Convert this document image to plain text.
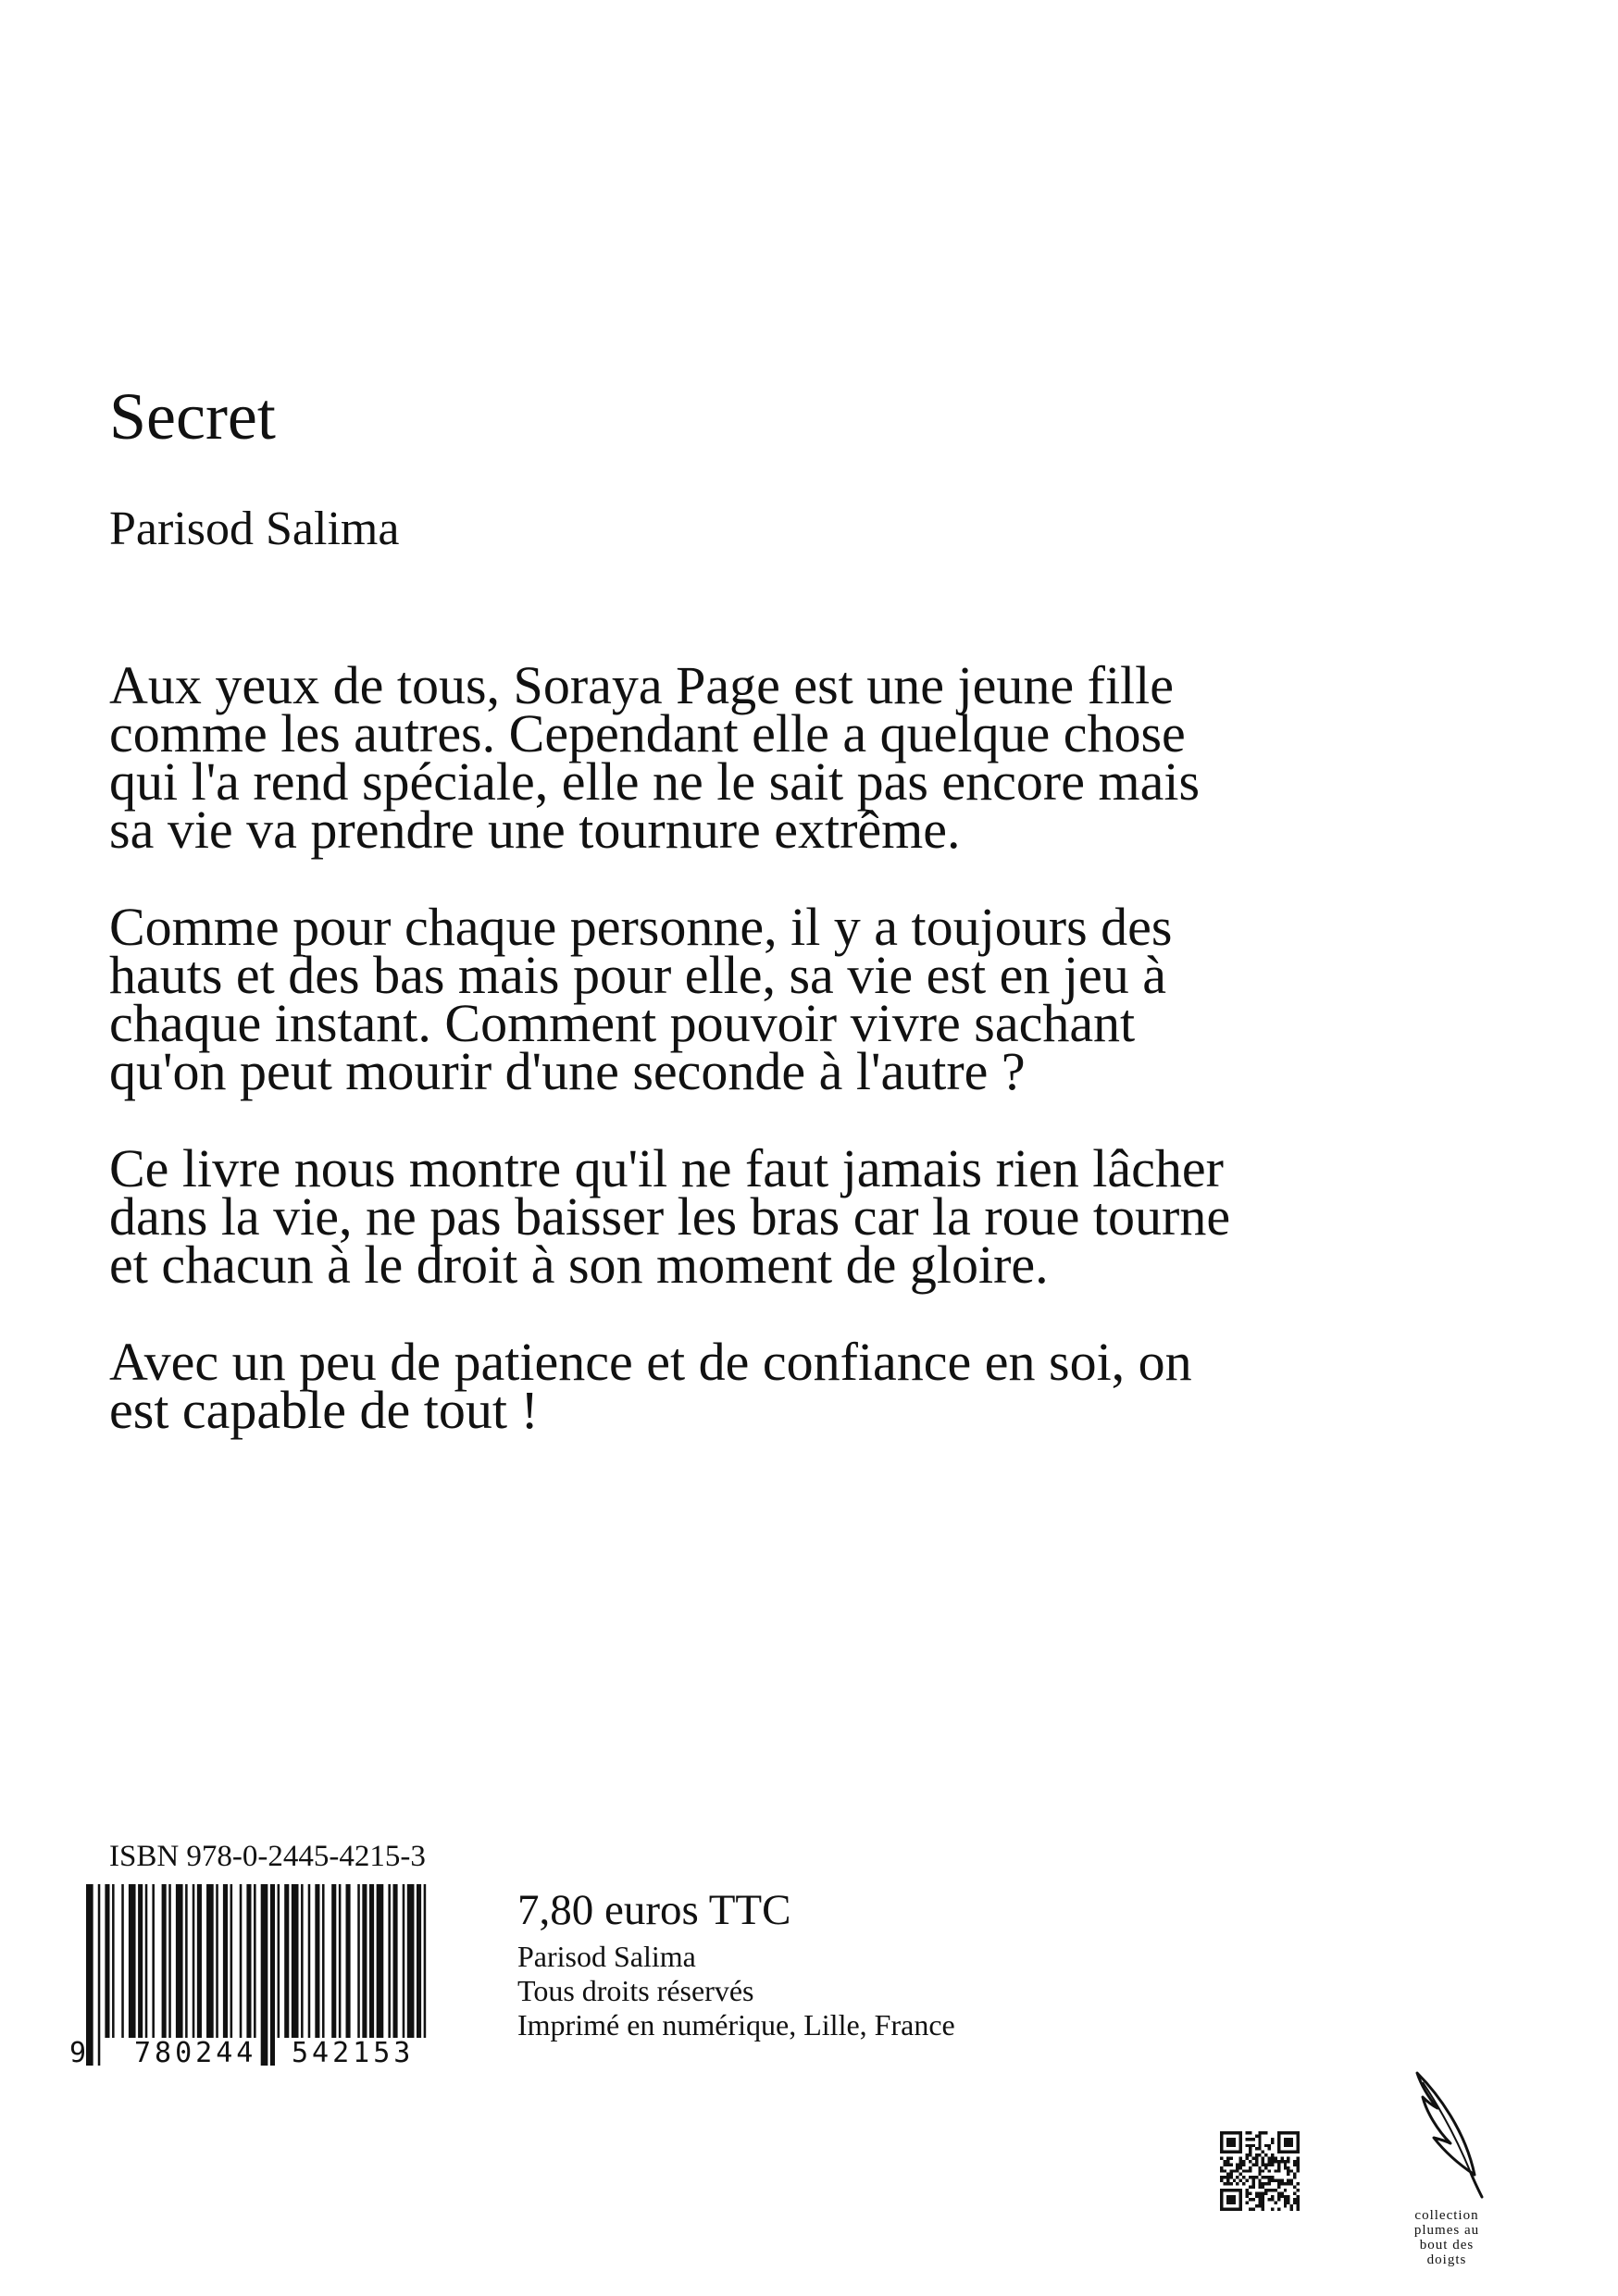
Secret
Parisod Salima

Aux yeux de tous, Soraya Page est une jeune fille comme les autres. Cependant elle a quelque chose qui l'a rend spéciale, elle ne le sait pas encore mais sa vie va prendre une tournure extrême.

Comme pour chaque personne, il y a toujours des hauts et des bas mais pour elle, sa vie est en jeu à chaque instant. Comment pouvoir vivre sachant qu'on peut mourir d'une seconde à l'autre ?

Ce livre nous montre qu'il ne faut jamais rien lâcher dans la vie, ne pas baisser les bras car la roue tourne et chacun à le droit à son moment de gloire.

Avec un peu de patience et de confiance en soi, on est capable de tout !

ISBN 978-0-2445-4215-3
9 780244 542153
7,80 euros TTC
Parisod Salima
Tous droits réservés
Imprimé en numérique, Lille, France
collection
plumes au
bout des
doigts
